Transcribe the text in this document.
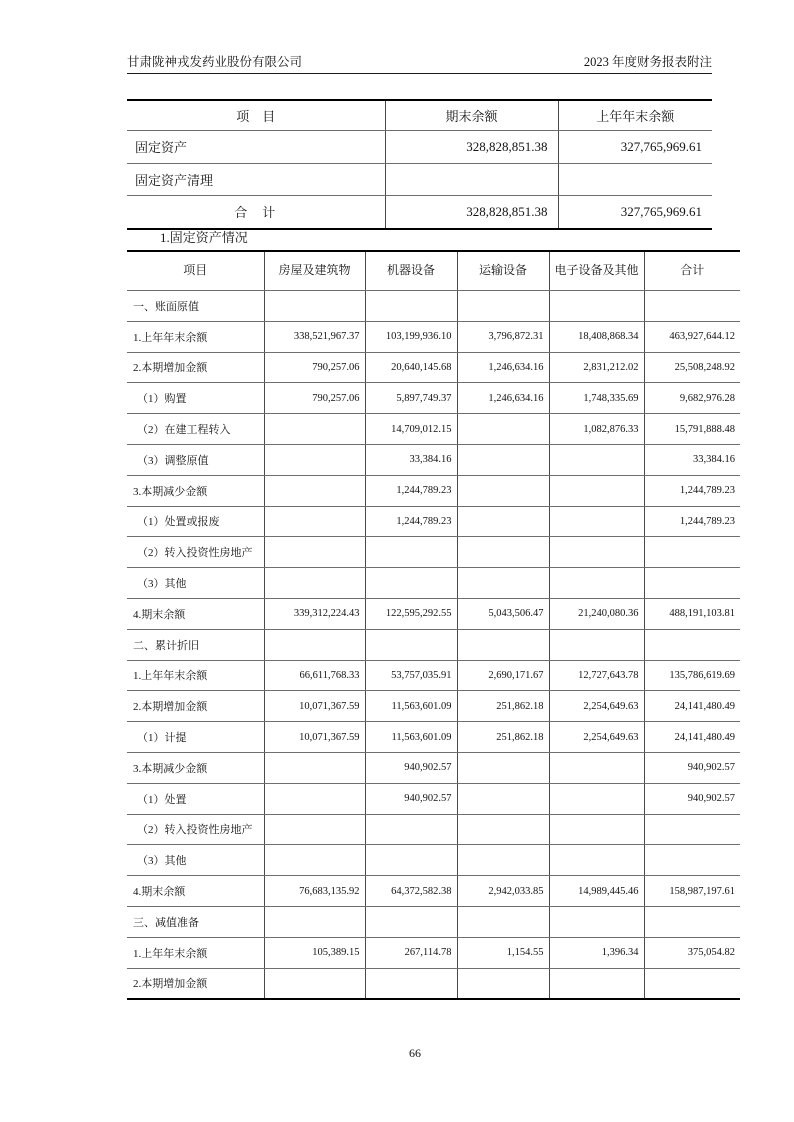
甘肃陇神戎发药业股份有限公司	2023 年度财务报表附注
项　目	期末余额	上年年末余额
固定资产	328,828,851.38	327,765,969.61
固定资产清理		
合　计	328,828,851.38	327,765,969.61
1.固定资产情况
项目	房屋及建筑物	机器设备	运输设备	电子设备及其他	合计
一、账面原值					
1.上年年末余额	338,521,967.37	103,199,936.10	3,796,872.31	18,408,868.34	463,927,644.12
2.本期增加金额	790,257.06	20,640,145.68	1,246,634.16	2,831,212.02	25,508,248.92
（1）购置	790,257.06	5,897,749.37	1,246,634.16	1,748,335.69	9,682,976.28
（2）在建工程转入		14,709,012.15		1,082,876.33	15,791,888.48
（3）调整原值		33,384.16			33,384.16
3.本期减少金额		1,244,789.23			1,244,789.23
（1）处置或报废		1,244,789.23			1,244,789.23
（2）转入投资性房地产					
（3）其他					
4.期末余额	339,312,224.43	122,595,292.55	5,043,506.47	21,240,080.36	488,191,103.81
二、累计折旧					
1.上年年末余额	66,611,768.33	53,757,035.91	2,690,171.67	12,727,643.78	135,786,619.69
2.本期增加金额	10,071,367.59	11,563,601.09	251,862.18	2,254,649.63	24,141,480.49
（1）计提	10,071,367.59	11,563,601.09	251,862.18	2,254,649.63	24,141,480.49
3.本期减少金额		940,902.57			940,902.57
（1）处置		940,902.57			940,902.57
（2）转入投资性房地产					
（3）其他					
4.期末余额	76,683,135.92	64,372,582.38	2,942,033.85	14,989,445.46	158,987,197.61
三、减值准备					
1.上年年末余额	105,389.15	267,114.78	1,154.55	1,396.34	375,054.82
2.本期增加金额					
66
